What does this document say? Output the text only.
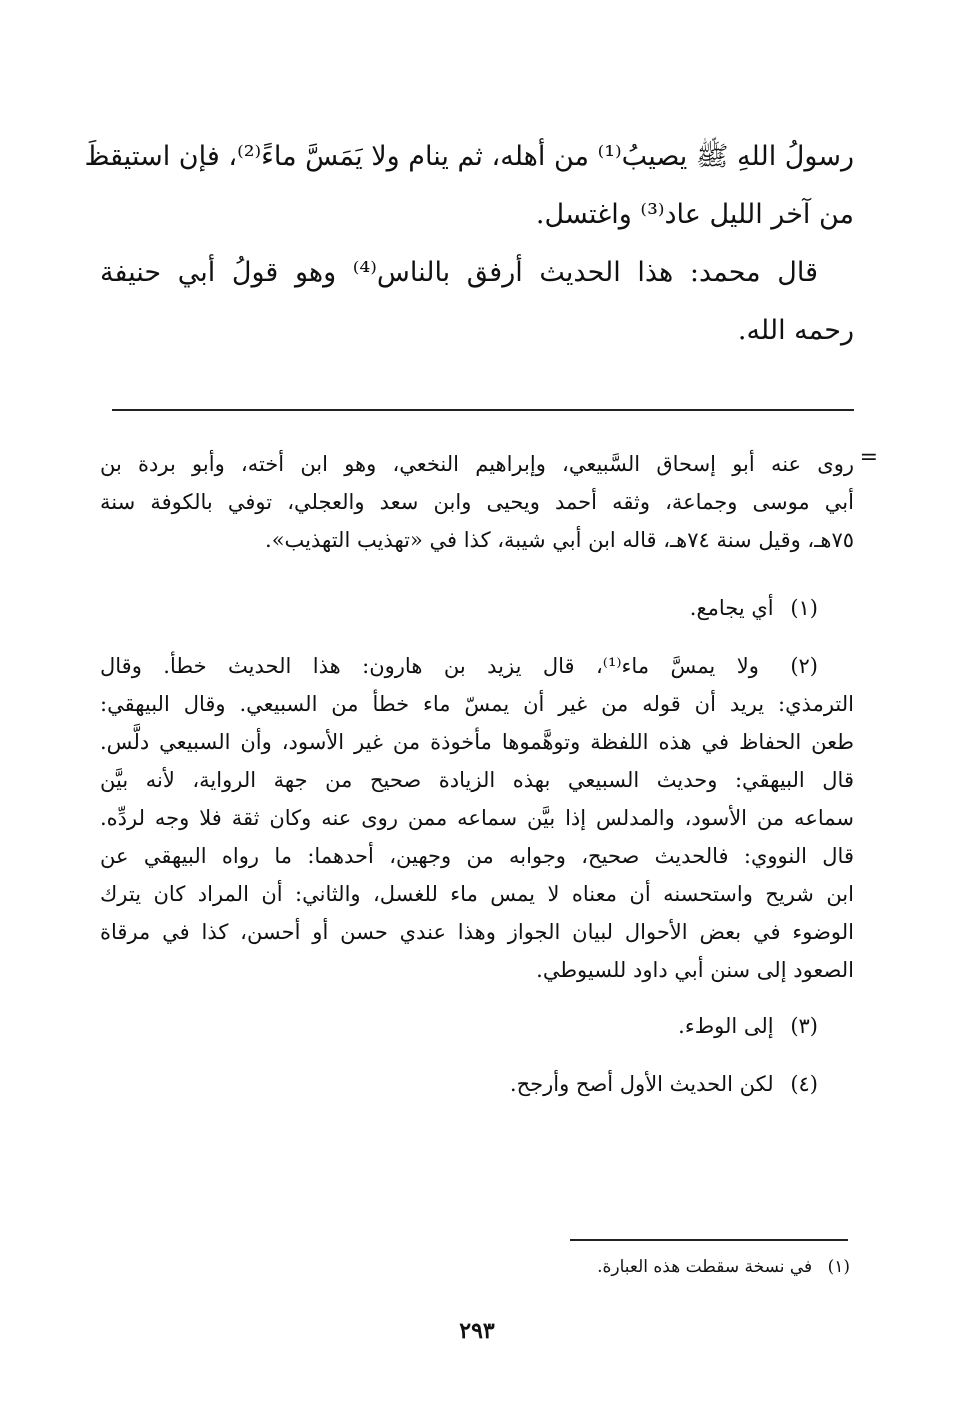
رسولُ اللهِ ﷺ يصيبُ⁽¹⁾ من أهله، ثم ينام ولا يَمَسَّ ماءً⁽²⁾، فإن استيقظَ
من آخر الليل عاد⁽³⁾ واغتسل.
قال محمد: هذا الحديث أرفق بالناس⁽⁴⁾ وهو قولُ أبي حنيفة
رحمه الله.
=
روى عنه أبو إسحاق السَّبيعي، وإبراهيم النخعي، وهو ابن أخته، وأبو بردة بن
أبي موسى وجماعة، وثقه أحمد ويحيى وابن سعد والعجلي، توفي بالكوفة سنة
٧٥هـ، وقيل سنة ٧٤هـ، قاله ابن أبي شيبة، كذا في «تهذيب التهذيب».
(١) أي يجامع.
(٢) ولا يمسَّ ماء⁽¹⁾، قال يزيد بن هارون: هذا الحديث خطأ. وقال
الترمذي: يريد أن قوله من غير أن يمسّ ماء خطأ من السبيعي. وقال البيهقي:
طعن الحفاظ في هذه اللفظة وتوهَّموها مأخوذة من غير الأسود، وأن السبيعي دلَّس.
قال البيهقي: وحديث السبيعي بهذه الزيادة صحيح من جهة الرواية، لأنه بيَّن
سماعه من الأسود، والمدلس إذا بيَّن سماعه ممن روى عنه وكان ثقة فلا وجه لردِّه.
قال النووي: فالحديث صحيح، وجوابه من وجهين، أحدهما: ما رواه البيهقي عن
ابن شريح واستحسنه أن معناه لا يمس ماء للغسل، والثاني: أن المراد كان يترك
الوضوء في بعض الأحوال لبيان الجواز وهذا عندي حسن أو أحسن، كذا في مرقاة
الصعود إلى سنن أبي داود للسيوطي.
(٣) إلى الوطء.
(٤) لكن الحديث الأول أصح وأرجح.
(١) في نسخة سقطت هذه العبارة.
٢٩٣
